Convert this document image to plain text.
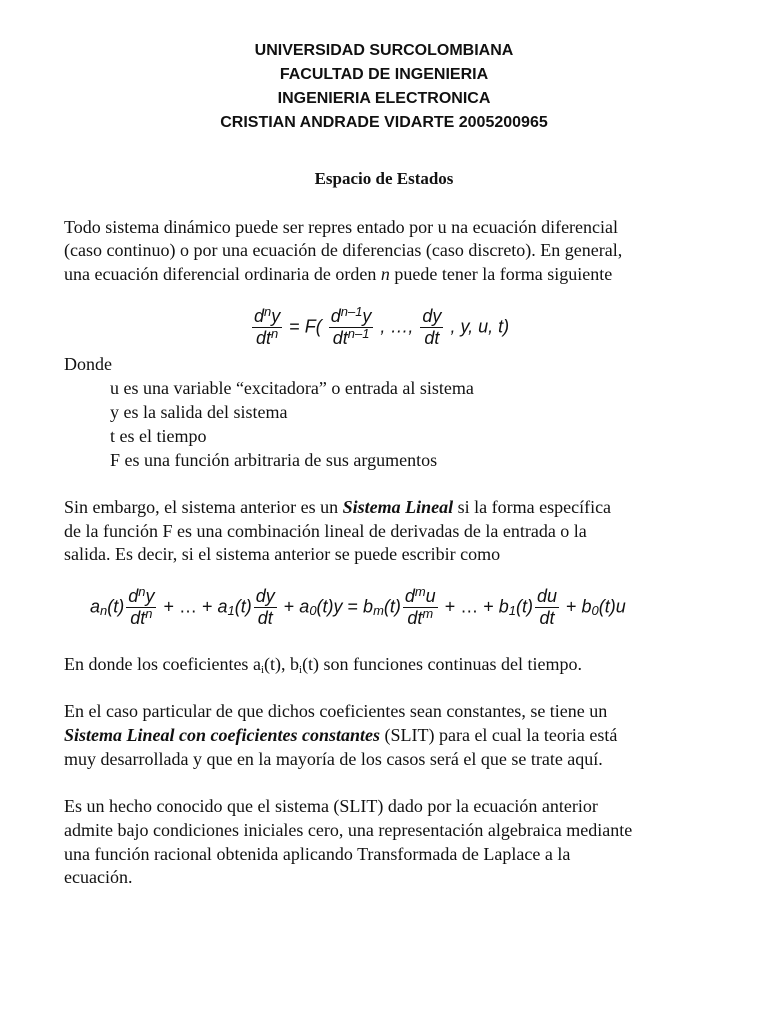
UNIVERSIDAD SURCOLOMBIANA
FACULTAD DE INGENIERIA
INGENIERIA ELECTRONICA
CRISTIAN ANDRADE VIDARTE 2005200965
Espacio de Estados
Todo sistema dinámico puede ser repres entado por u na ecuación diferencial
(caso continuo) o por una ecuación de diferencias (caso discreto). En general,
una ecuación diferencial ordinaria de orden n puede tener la forma siguiente
$\frac{d^ny}{dt^n} = F( \frac{d^{n-1}y}{dt^{n-1}}$ , …, $\frac{dy}{dt}$ , y, u, t)
Donde
u es una variable “excitadora” o entrada al sistema
y es la salida del sistema
t es el tiempo
F es una función arbitraria de sus argumentos
Sin embargo, el sistema anterior es un Sistema Lineal si la forma específica
de la función F es una combinación lineal de derivadas de la entrada o la
salida. Es decir, si el sistema anterior se puede escribir como
$an(t) \frac{d^ny}{dt^n}$ + … + $a1(t) \frac{dy}{dt} + a0(t)y = bm(t) \frac{d^mu}{dt^m}$ + … + $b1(t) \frac{du}{dt} + b0(t)u$
En donde los coeficientes $a_i(t)$, $b_i(t)$ son funciones continuas del tiempo.
En el caso particular de que dichos coeficientes sean constantes, se tiene un
Sistema Lineal con coeficientes constantes (SLIT) para el cual la teoria está
muy desarrollada y que en la mayoría de los casos será el que se trate aquí.
Es un hecho conocido que el sistema (SLIT) dado por la ecuación anterior
admite bajo condiciones iniciales cero, una representación algebraica mediante
una función racional obtenida aplicando Transformada de Laplace a la
ecuación.
